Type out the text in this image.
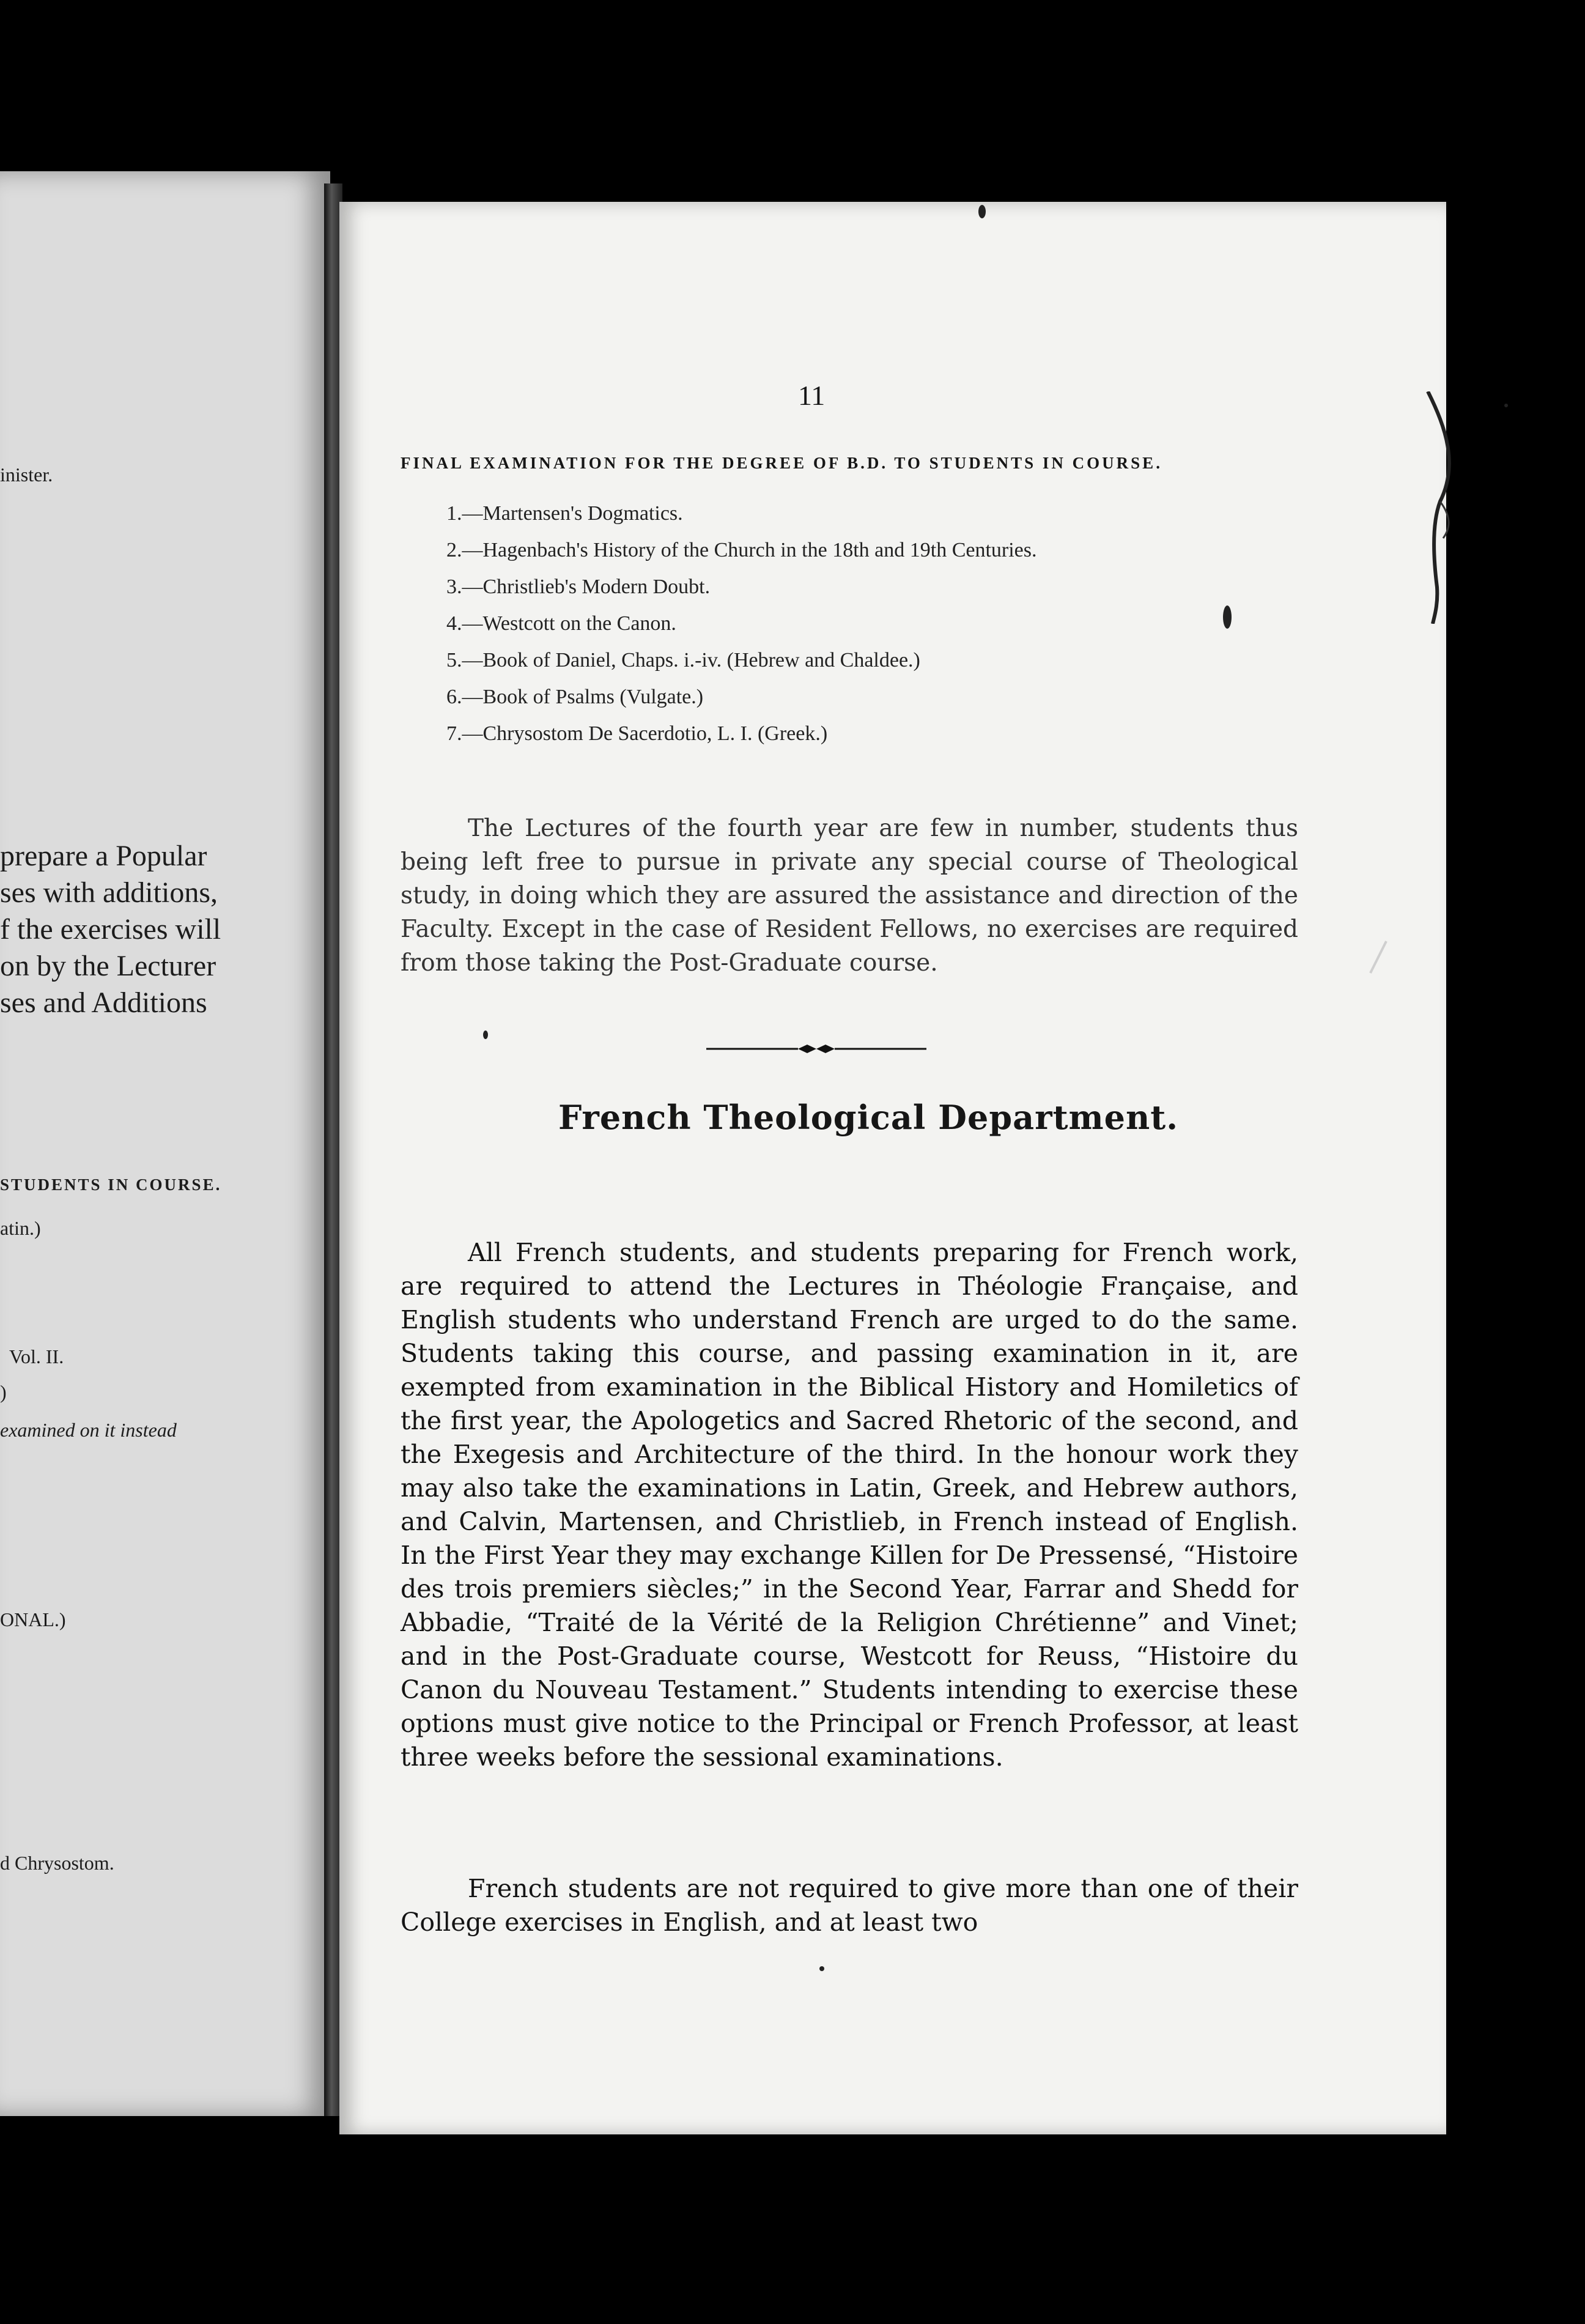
inister.
prepare a Popular
ses with additions,
f the exercises will
on by the Lecturer
ses and Additions
STUDENTS IN COURSE.
atin.)
Vol. II.
)
examined on it instead
ONAL.)
d Chrysostom.
11
FINAL EXAMINATION FOR THE DEGREE OF B.D. TO STUDENTS IN COURSE.
1.—Martensen's Dogmatics.
2.—Hagenbach's History of the Church in the 18th and 19th Centuries.
3.—Christlieb's Modern Doubt.
4.—Westcott on the Canon.
5.—Book of Daniel, Chaps. i.-iv. (Hebrew and Chaldee.)
6.—Book of Psalms (Vulgate.)
7.—Chrysostom De Sacerdotio, L. I. (Greek.)

The Lectures of the fourth year are few in number, students thus being left free to pursue in private any special course of Theological study, in doing which they are assured the assistance and direction of the Faculty. Except in the case of Resident Fellows, no exercises are required from those taking the Post-Graduate course.

French Theological Department.

All French students, and students preparing for French work, are required to attend the Lectures in Théologie Française, and English students who understand French are urged to do the same. Students taking this course, and passing examination in it, are exempted from examination in the Biblical History and Homiletics of the first year, the Apologetics and Sacred Rhetoric of the second, and the Exegesis and Architecture of the third. In the honour work they may also take the examinations in Latin, Greek, and Hebrew authors, and Calvin, Martensen, and Christlieb, in French instead of English. In the First Year they may exchange Killen for De Pressensé, “Histoire des trois premiers siècles;” in the Second Year, Farrar and Shedd for Abbadie, “Traité de la Vérité de la Religion Chrétienne” and Vinet; and in the Post-Graduate course, Westcott for Reuss, “Histoire du Canon du Nouveau Testament.” Students intending to exercise these options must give notice to the Principal or French Professor, at least three weeks before the sessional examinations.

French students are not required to give more than one of their College exercises in English, and at least two
